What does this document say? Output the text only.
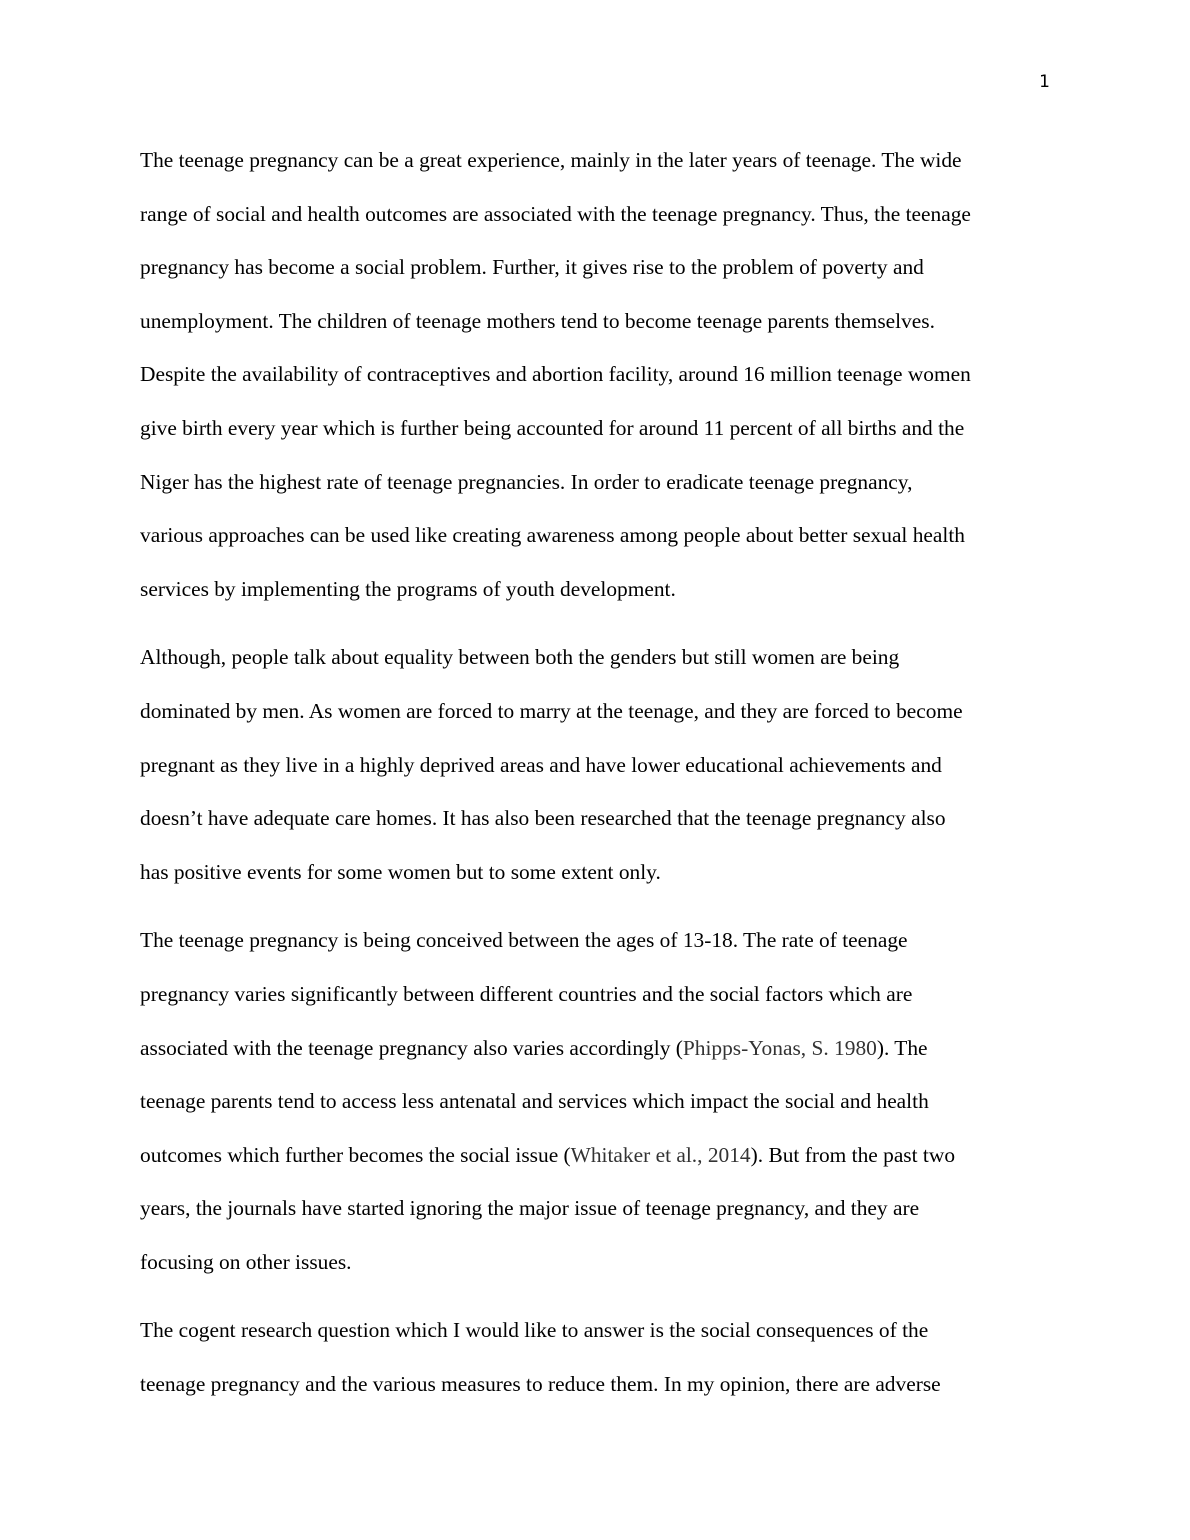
1

The teenage pregnancy can be a great experience, mainly in the later years of teenage. The wide
range of social and health outcomes are associated with the teenage pregnancy. Thus, the teenage
pregnancy has become a social problem. Further, it gives rise to the problem of poverty and
unemployment. The children of teenage mothers tend to become teenage parents themselves.
Despite the availability of contraceptives and abortion facility, around 16 million teenage women
give birth every year which is further being accounted for around 11 percent of all births and the
Niger has the highest rate of teenage pregnancies. In order to eradicate teenage pregnancy,
various approaches can be used like creating awareness among people about better sexual health
services by implementing the programs of youth development.

Although, people talk about equality between both the genders but still women are being
dominated by men. As women are forced to marry at the teenage, and they are forced to become
pregnant as they live in a highly deprived areas and have lower educational achievements and
doesn’t have adequate care homes. It has also been researched that the teenage pregnancy also
has positive events for some women but to some extent only.

The teenage pregnancy is being conceived between the ages of 13-18. The rate of teenage
pregnancy varies significantly between different countries and the social factors which are
associated with the teenage pregnancy also varies accordingly (Phipps-Yonas, S. 1980). The
teenage parents tend to access less antenatal and services which impact the social and health
outcomes which further becomes the social issue (Whitaker et al., 2014). But from the past two
years, the journals have started ignoring the major issue of teenage pregnancy, and they are
focusing on other issues.

The cogent research question which I would like to answer is the social consequences of the
teenage pregnancy and the various measures to reduce them. In my opinion, there are adverse
